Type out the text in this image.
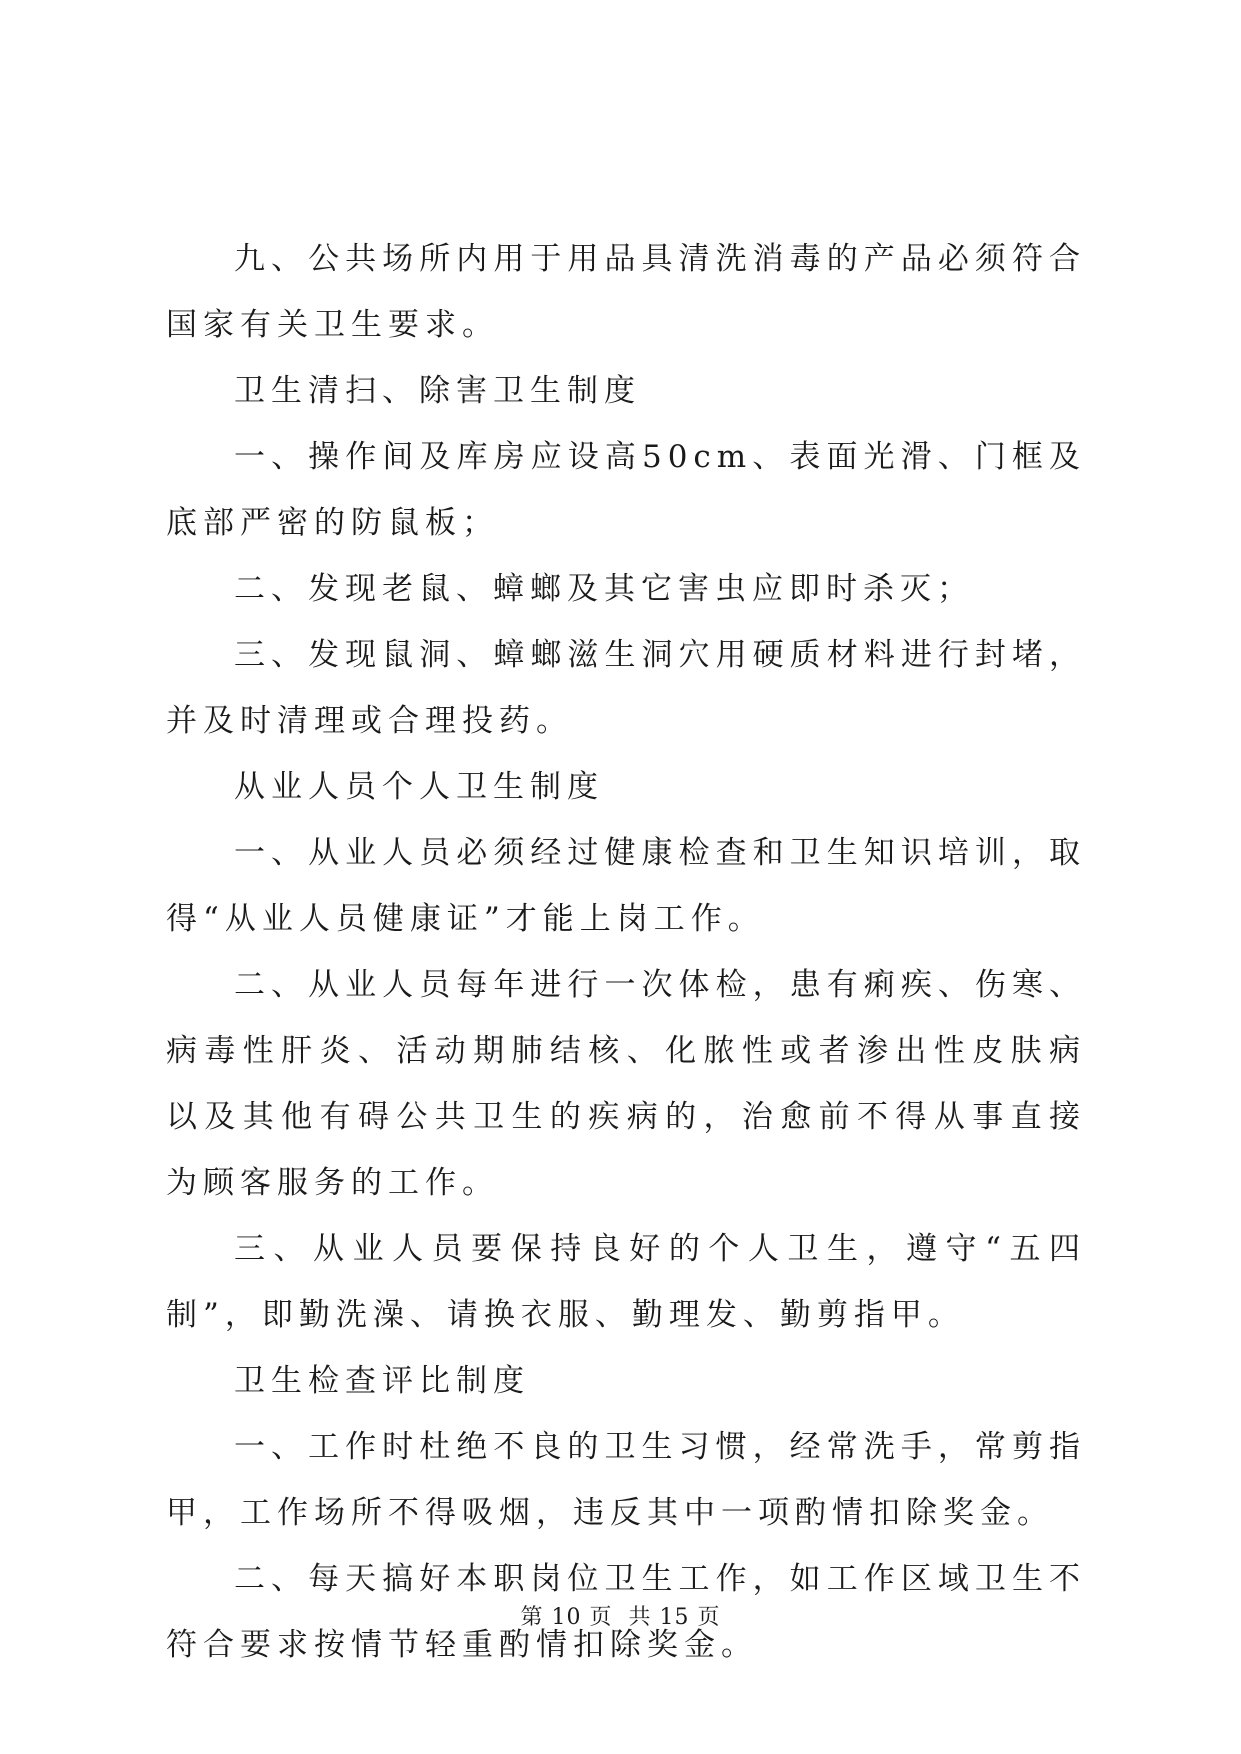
九、公共场所内用于用品具清洗消毒的产品必须符合国家有关卫生要求。

卫生清扫、除害卫生制度

一、操作间及库房应设高50cm、表面光滑、门框及底部严密的防鼠板；

二、发现老鼠、蟑螂及其它害虫应即时杀灭；

三、发现鼠洞、蟑螂滋生洞穴用硬质材料进行封堵，并及时清理或合理投药。

从业人员个人卫生制度

一、从业人员必须经过健康检查和卫生知识培训，取得“从业人员健康证”才能上岗工作。

二、从业人员每年进行一次体检，患有痢疾、伤寒、病毒性肝炎、活动期肺结核、化脓性或者渗出性皮肤病以及其他有碍公共卫生的疾病的，治愈前不得从事直接为顾客服务的工作。

三、从业人员要保持良好的个人卫生，遵守“五四制”，即勤洗澡、请换衣服、勤理发、勤剪指甲。

卫生检查评比制度

一、工作时杜绝不良的卫生习惯，经常洗手，常剪指甲，工作场所不得吸烟，违反其中一项酌情扣除奖金。

二、每天搞好本职岗位卫生工作，如工作区域卫生不符合要求按情节轻重酌情扣除奖金。

第 10 页  共 15 页
